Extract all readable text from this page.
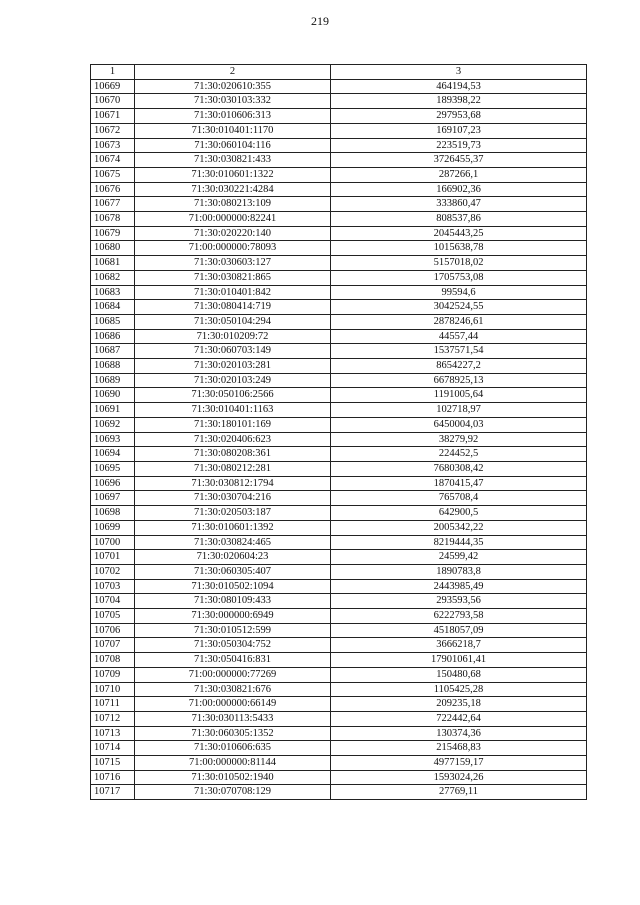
219
1	2	3
10669	71:30:020610:355	464194,53
10670	71:30:030103:332	189398,22
10671	71:30:010606:313	297953,68
10672	71:30:010401:1170	169107,23
10673	71:30:060104:116	223519,73
10674	71:30:030821:433	3726455,37
10675	71:30:010601:1322	287266,1
10676	71:30:030221:4284	166902,36
10677	71:30:080213:109	333860,47
10678	71:00:000000:82241	808537,86
10679	71:30:020220:140	2045443,25
10680	71:00:000000:78093	1015638,78
10681	71:30:030603:127	5157018,02
10682	71:30:030821:865	1705753,08
10683	71:30:010401:842	99594,6
10684	71:30:080414:719	3042524,55
10685	71:30:050104:294	2878246,61
10686	71:30:010209:72	44557,44
10687	71:30:060703:149	1537571,54
10688	71:30:020103:281	8654227,2
10689	71:30:020103:249	6678925,13
10690	71:30:050106:2566	1191005,64
10691	71:30:010401:1163	102718,97
10692	71:30:180101:169	6450004,03
10693	71:30:020406:623	38279,92
10694	71:30:080208:361	224452,5
10695	71:30:080212:281	7680308,42
10696	71:30:030812:1794	1870415,47
10697	71:30:030704:216	765708,4
10698	71:30:020503:187	642900,5
10699	71:30:010601:1392	2005342,22
10700	71:30:030824:465	8219444,35
10701	71:30:020604:23	24599,42
10702	71:30:060305:407	1890783,8
10703	71:30:010502:1094	2443985,49
10704	71:30:080109:433	293593,56
10705	71:30:000000:6949	6222793,58
10706	71:30:010512:599	4518057,09
10707	71:30:050304:752	3666218,7
10708	71:30:050416:831	17901061,41
10709	71:00:000000:77269	150480,68
10710	71:30:030821:676	1105425,28
10711	71:00:000000:66149	209235,18
10712	71:30:030113:5433	722442,64
10713	71:30:060305:1352	130374,36
10714	71:30:010606:635	215468,83
10715	71:00:000000:81144	4977159,17
10716	71:30:010502:1940	1593024,26
10717	71:30:070708:129	27769,11
